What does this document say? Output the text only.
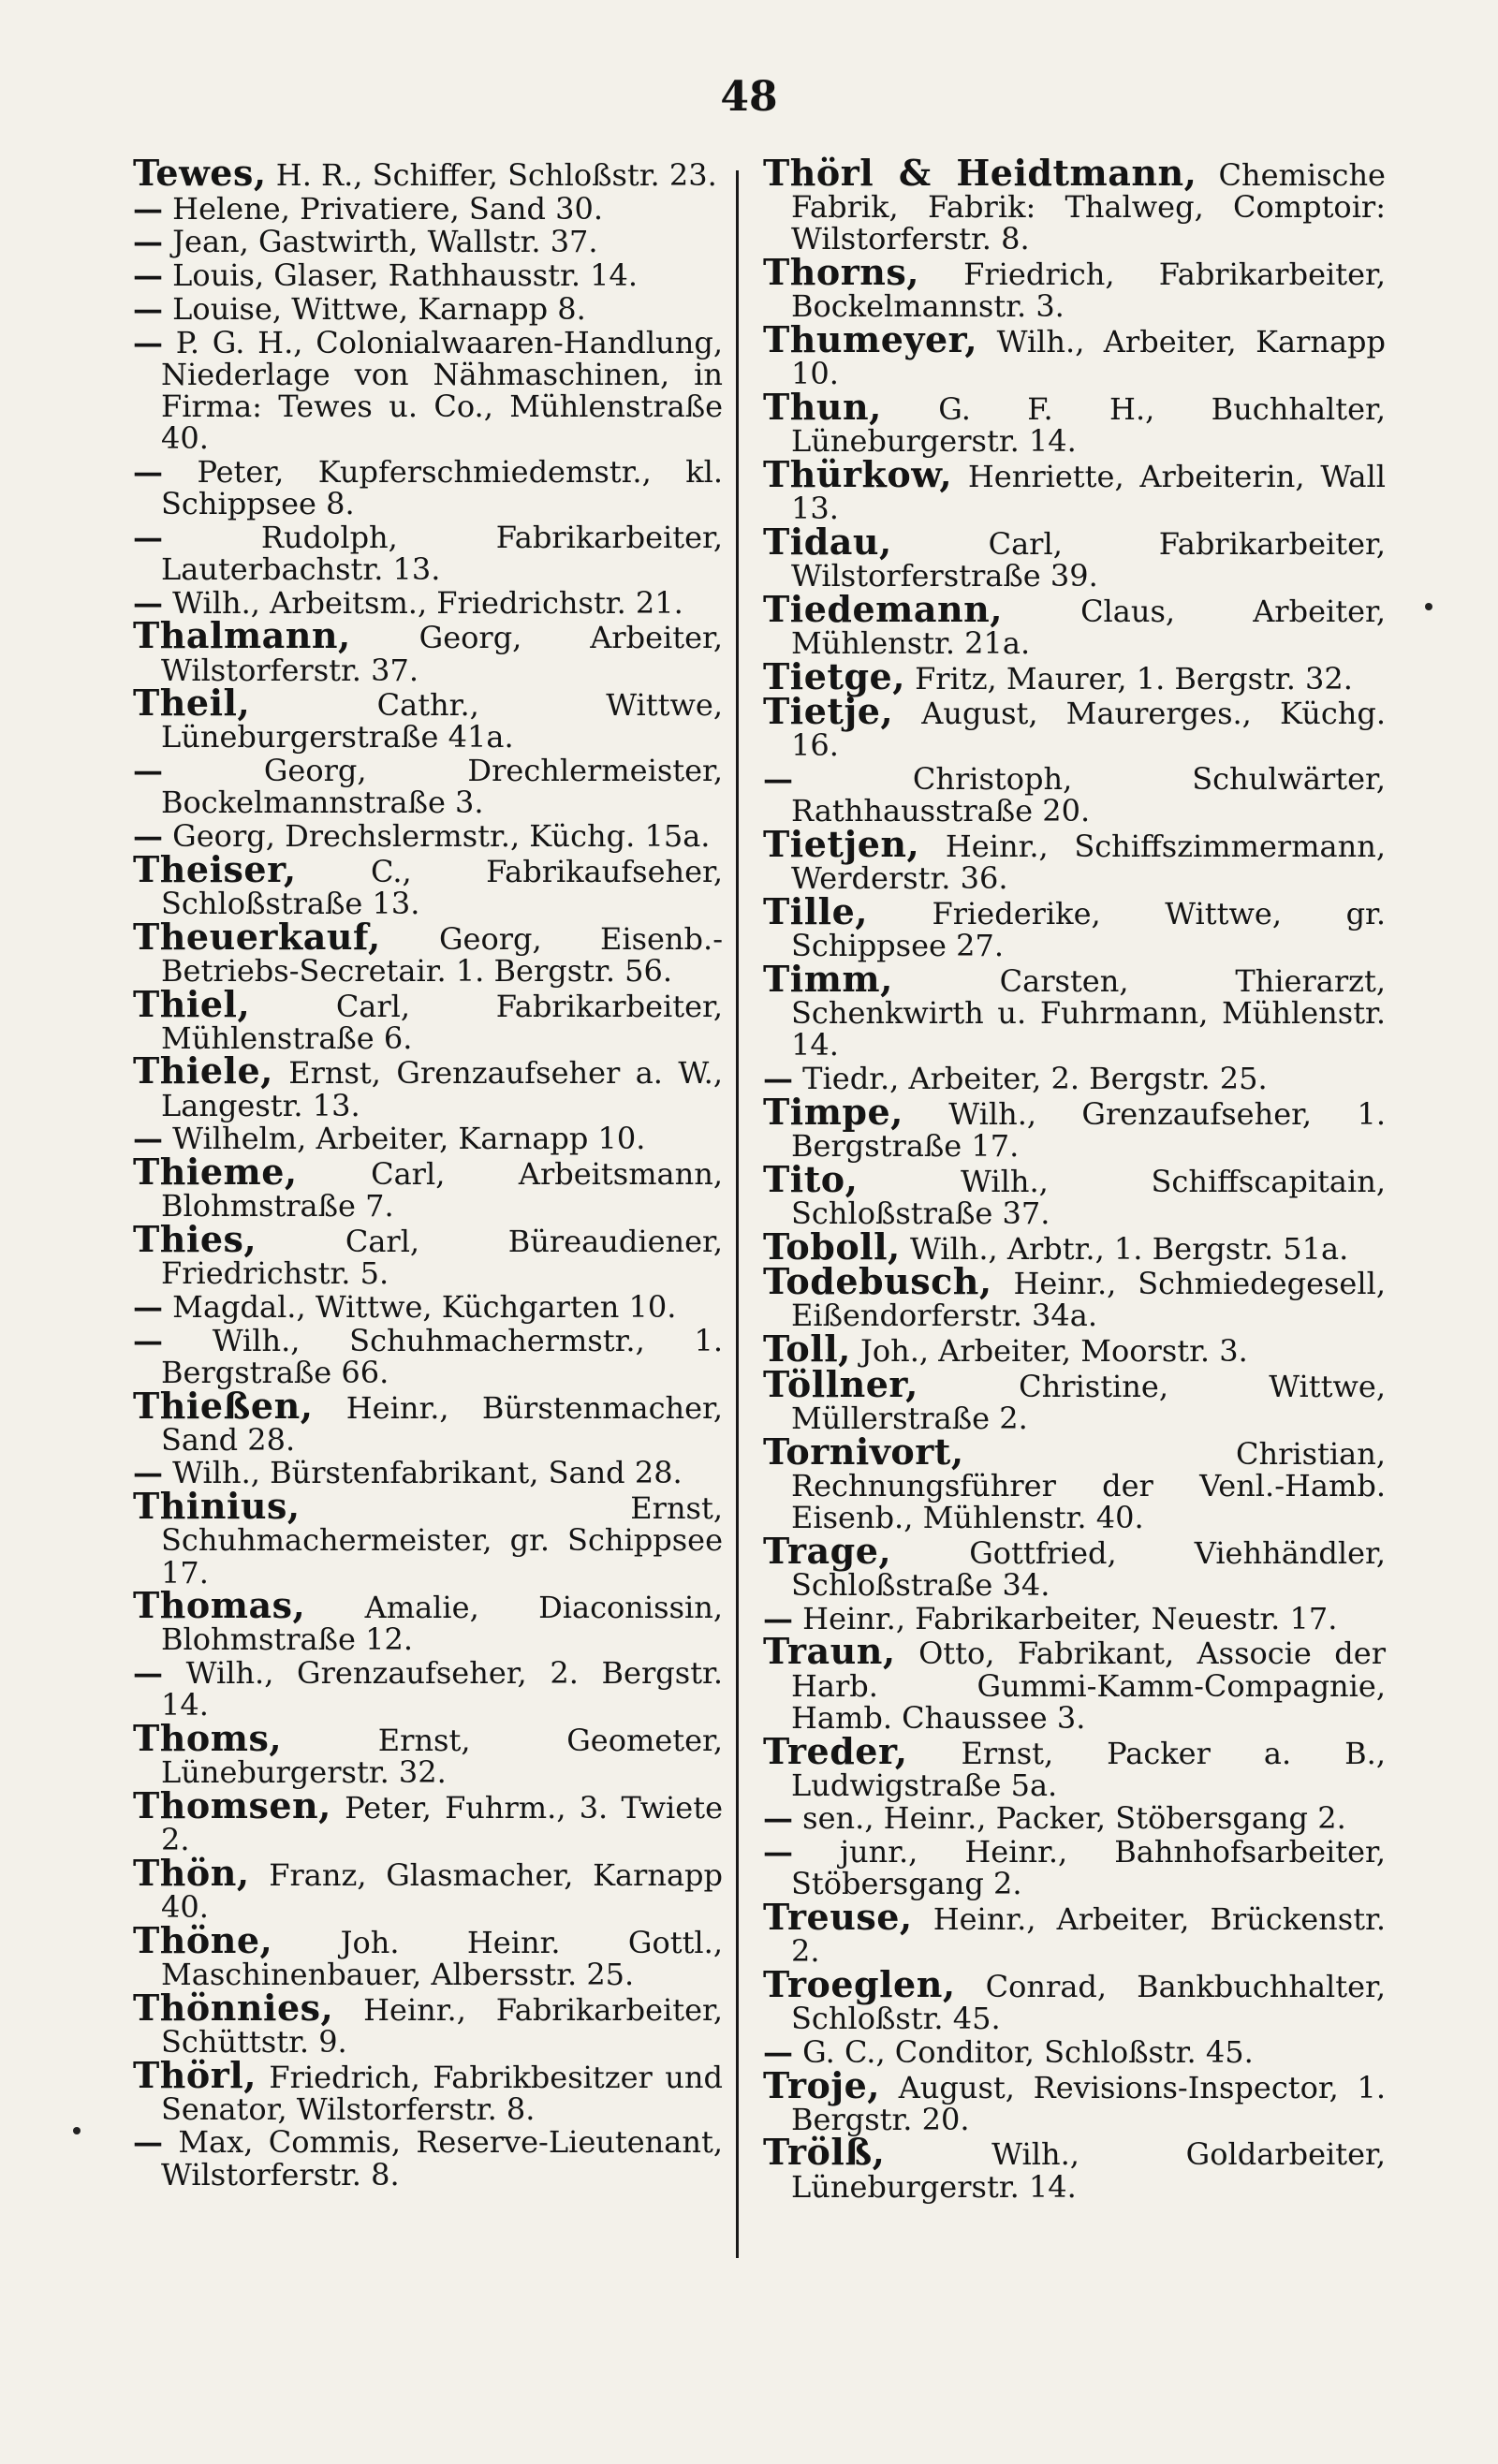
48
Tewes, H. R., Schiffer, Schloßstr. 23.
— Helene, Privatiere, Sand 30.
— Jean, Gastwirth, Wallstr. 37.
— Louis, Glaser, Rathhausstr. 14.
— Louise, Wittwe, Karnapp 8.
— P. G. H., Colonialwaaren-Handlung, Niederlage von Nähmaschinen, in Firma: Tewes u. Co., Mühlenstraße 40.
— Peter, Kupferschmiedemstr., kl. Schippsee 8.
— Rudolph, Fabrikarbeiter, Lauterbachstr. 13.
— Wilh., Arbeitsm., Friedrichstr. 21.
Thalmann, Georg, Arbeiter, Wilstorferstr. 37.
Theil, Cathr., Wittwe, Lüneburgerstraße 41a.
— Georg, Drechlermeister, Bockelmannstraße 3.
— Georg, Drechslermstr., Küchg. 15a.
Theiser, C., Fabrikaufseher, Schloßstraße 13.
Theuerkauf, Georg, Eisenb.-Betriebs-Secretair. 1. Bergstr. 56.
Thiel, Carl, Fabrikarbeiter, Mühlenstraße 6.
Thiele, Ernst, Grenzaufseher a. W., Langestr. 13.
— Wilhelm, Arbeiter, Karnapp 10.
Thieme, Carl, Arbeitsmann, Blohmstraße 7.
Thies, Carl, Büreaudiener, Friedrichstr. 5.
— Magdal., Wittwe, Küchgarten 10.
— Wilh., Schuhmachermstr., 1. Bergstraße 66.
Thießen, Heinr., Bürstenmacher, Sand 28.
— Wilh., Bürstenfabrikant, Sand 28.
Thinius, Ernst, Schuhmachermeister, gr. Schippsee 17.
Thomas, Amalie, Diaconissin, Blohmstraße 12.
— Wilh., Grenzaufseher, 2. Bergstr. 14.
Thoms, Ernst, Geometer, Lüneburgerstr. 32.
Thomsen, Peter, Fuhrm., 3. Twiete 2.
Thön, Franz, Glasmacher, Karnapp 40.
Thöne, Joh. Heinr. Gottl., Maschinenbauer, Albersstr. 25.
Thönnies, Heinr., Fabrikarbeiter, Schüttstr. 9.
Thörl, Friedrich, Fabrikbesitzer und Senator, Wilstorferstr. 8.
— Max, Commis, Reserve-Lieutenant, Wilstorferstr. 8.
Thörl & Heidtmann, Chemische Fabrik, Fabrik: Thalweg, Comptoir: Wilstorferstr. 8.
Thorns, Friedrich, Fabrikarbeiter, Bockelmannstr. 3.
Thumeyer, Wilh., Arbeiter, Karnapp 10.
Thun, G. F. H., Buchhalter, Lüneburgerstr. 14.
Thürkow, Henriette, Arbeiterin, Wall 13.
Tidau, Carl, Fabrikarbeiter, Wilstorferstraße 39.
Tiedemann, Claus, Arbeiter, Mühlenstr. 21a.
Tietge, Fritz, Maurer, 1. Bergstr. 32.
Tietje, August, Maurerges., Küchg. 16.
— Christoph, Schulwärter, Rathhausstraße 20.
Tietjen, Heinr., Schiffszimmermann, Werderstr. 36.
Tille, Friederike, Wittwe, gr. Schippsee 27.
Timm, Carsten, Thierarzt, Schenkwirth u. Fuhrmann, Mühlenstr. 14.
— Tiedr., Arbeiter, 2. Bergstr. 25.
Timpe, Wilh., Grenzaufseher, 1. Bergstraße 17.
Tito, Wilh., Schiffscapitain, Schloßstraße 37.
Toboll, Wilh., Arbtr., 1. Bergstr. 51a.
Todebusch, Heinr., Schmiedegesell, Eißendorferstr. 34a.
Toll, Joh., Arbeiter, Moorstr. 3.
Töllner, Christine, Wittwe, Müllerstraße 2.
Tornivort, Christian, Rechnungsführer der Venl.-Hamb. Eisenb., Mühlenstr. 40.
Trage, Gottfried, Viehhändler, Schloßstraße 34.
— Heinr., Fabrikarbeiter, Neuestr. 17.
Traun, Otto, Fabrikant, Associe der Harb. Gummi-Kamm-Compagnie, Hamb. Chaussee 3.
Treder, Ernst, Packer a. B., Ludwigstraße 5a.
— sen., Heinr., Packer, Stöbersgang 2.
— junr., Heinr., Bahnhofsarbeiter, Stöbersgang 2.
Treuse, Heinr., Arbeiter, Brückenstr. 2.
Troeglen, Conrad, Bankbuchhalter, Schloßstr. 45.
— G. C., Conditor, Schloßstr. 45.
Troje, August, Revisions-Inspector, 1. Bergstr. 20.
Trölß, Wilh., Goldarbeiter, Lüneburgerstr. 14.
